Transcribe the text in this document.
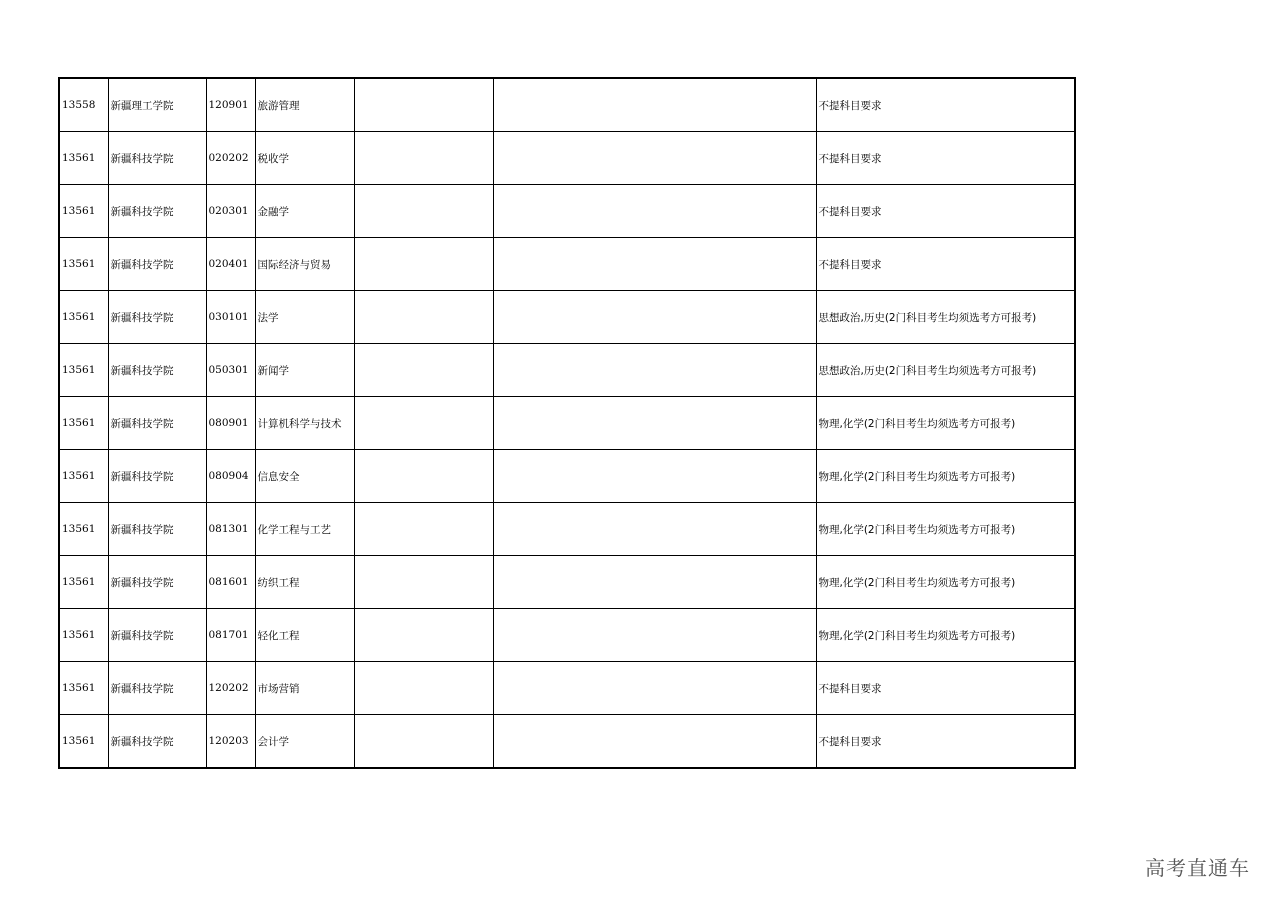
13558	新疆理工学院	120901	旅游管理			不提科目要求
13561	新疆科技学院	020202	税收学			不提科目要求
13561	新疆科技学院	020301	金融学			不提科目要求
13561	新疆科技学院	020401	国际经济与贸易			不提科目要求
13561	新疆科技学院	030101	法学			思想政治,历史(2门科目考生均须选考方可报考)
13561	新疆科技学院	050301	新闻学			思想政治,历史(2门科目考生均须选考方可报考)
13561	新疆科技学院	080901	计算机科学与技术			物理,化学(2门科目考生均须选考方可报考)
13561	新疆科技学院	080904	信息安全			物理,化学(2门科目考生均须选考方可报考)
13561	新疆科技学院	081301	化学工程与工艺			物理,化学(2门科目考生均须选考方可报考)
13561	新疆科技学院	081601	纺织工程			物理,化学(2门科目考生均须选考方可报考)
13561	新疆科技学院	081701	轻化工程			物理,化学(2门科目考生均须选考方可报考)
13561	新疆科技学院	120202	市场营销			不提科目要求
13561	新疆科技学院	120203	会计学			不提科目要求
高考直通车
